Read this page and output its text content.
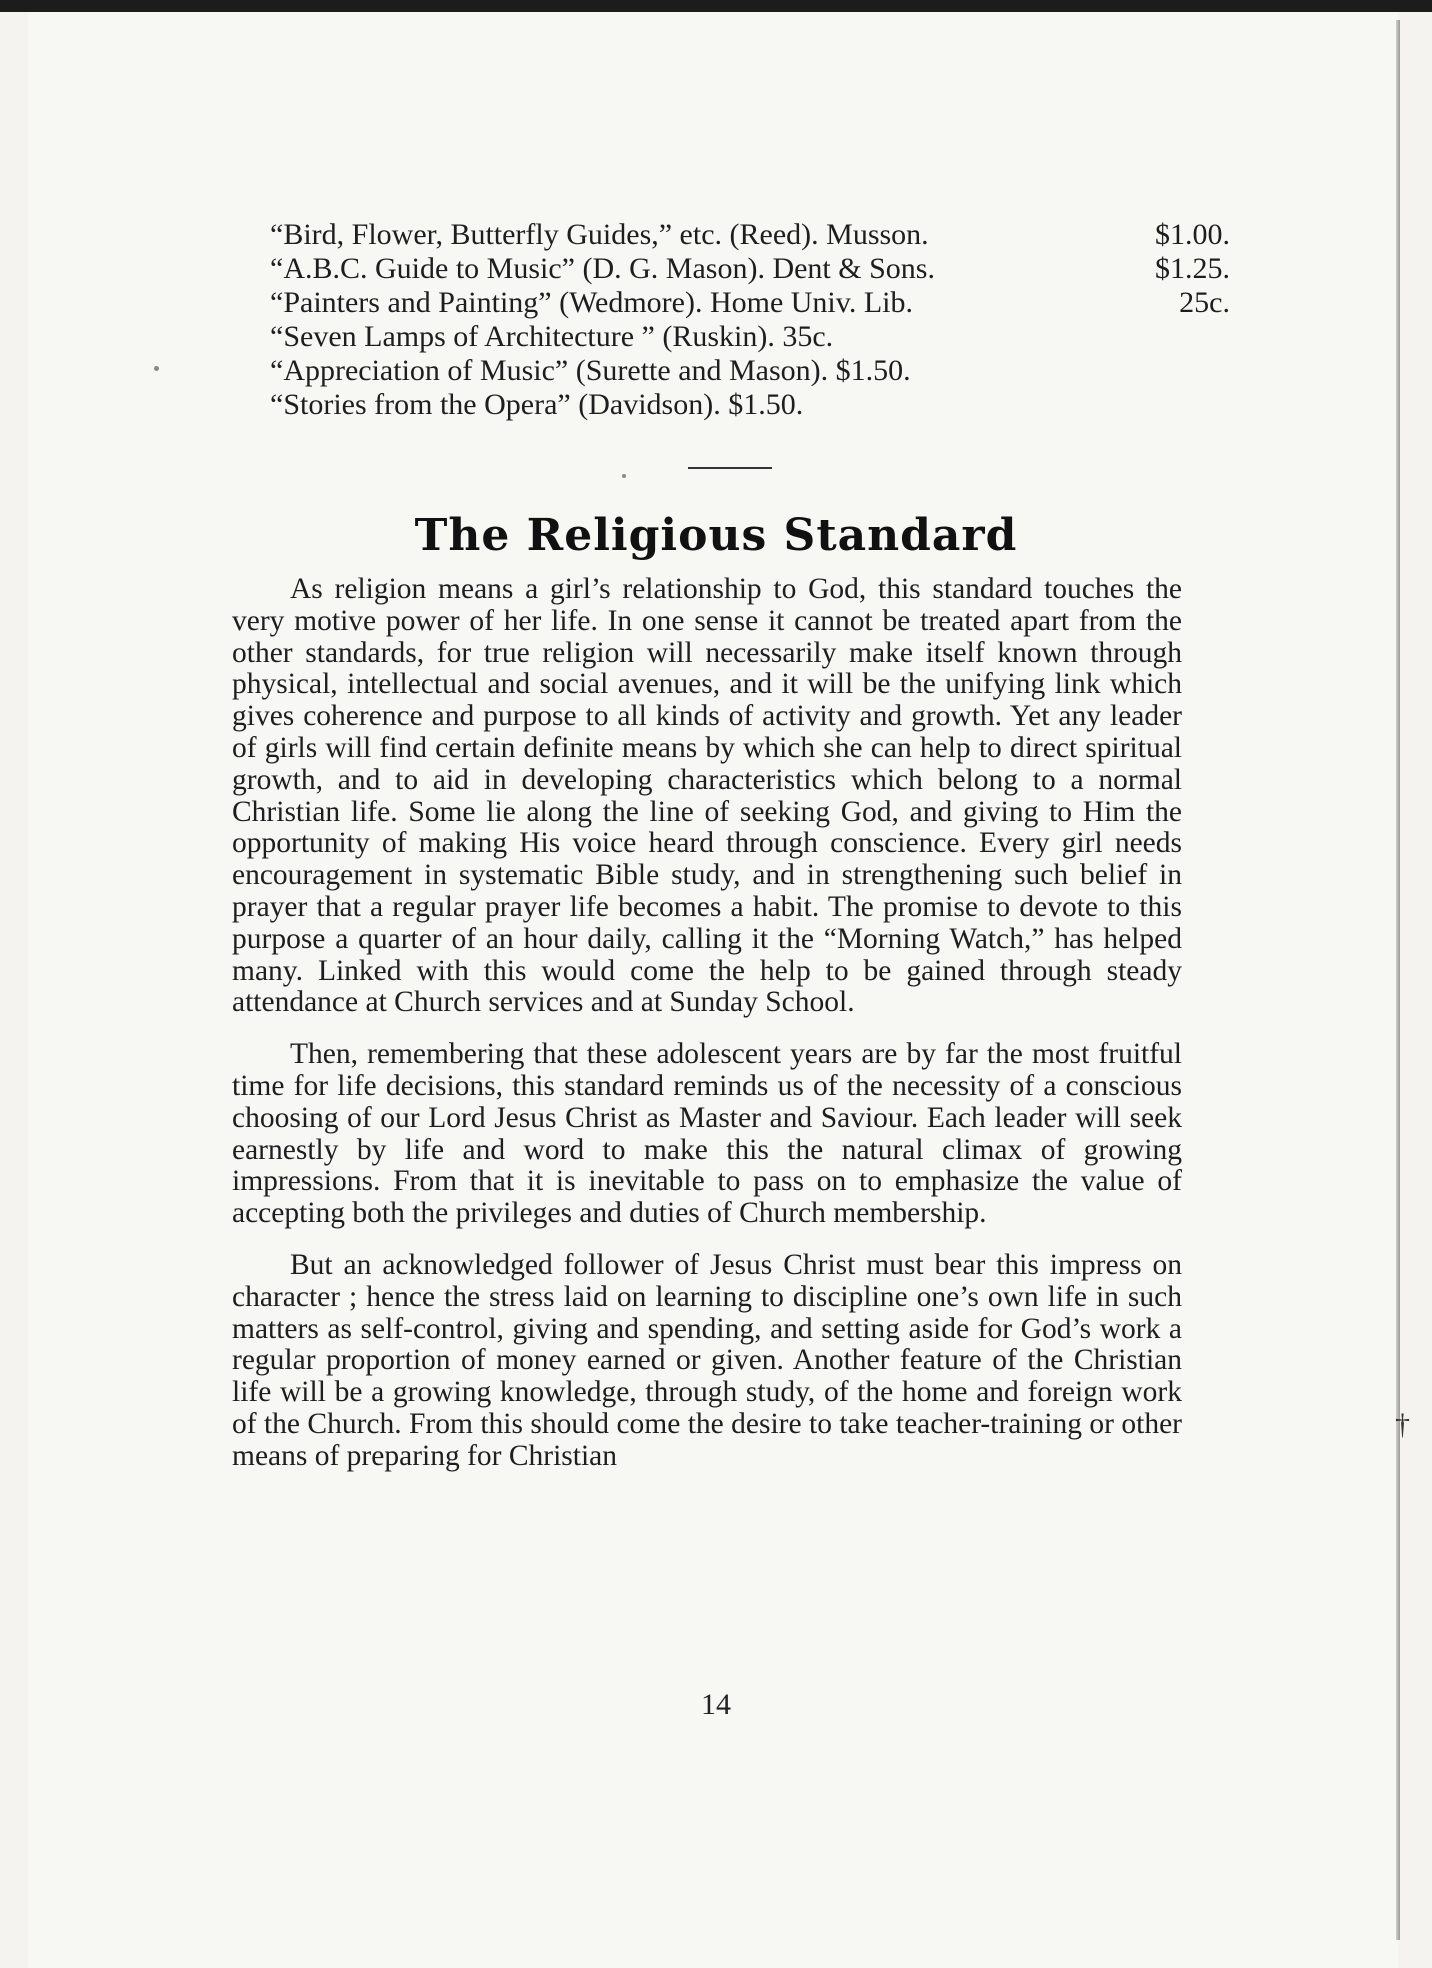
†
“Bird, Flower, Butterfly Guides,” etc. (Reed). Musson.	$1.00.
“A.B.C. Guide to Music” (D. G. Mason). Dent & Sons.	$1.25.
“Painters and Painting” (Wedmore). Home Univ. Lib.	25c.
“Seven Lamps of Architecture ” (Ruskin). 35c.
“Appreciation of Music” (Surette and Mason). $1.50.
“Stories from the Opera” (Davidson). $1.50.
The Religious Standard

As religion means a girl’s relationship to God, this standard touches the very motive power of her life. In one sense it cannot be treated apart from the other standards, for true religion will necessarily make itself known through physical, intellectual and social avenues, and it will be the unifying link which gives coherence and purpose to all kinds of activity and growth. Yet any leader of girls will find certain definite means by which she can help to direct spiritual growth, and to aid in developing characteristics which belong to a normal Christian life. Some lie along the line of seeking God, and giving to Him the opportunity of making His voice heard through conscience. Every girl needs encouragement in systematic Bible study, and in strengthening such belief in prayer that a regular prayer life becomes a habit. The promise to devote to this purpose a quarter of an hour daily, calling it the “Morning Watch,” has helped many. Linked with this would come the help to be gained through steady attendance at Church services and at Sunday School.

Then, remembering that these adolescent years are by far the most fruitful time for life decisions, this standard reminds us of the necessity of a conscious choosing of our Lord Jesus Christ as Master and Saviour. Each leader will seek earnestly by life and word to make this the natural climax of growing impressions. From that it is inevitable to pass on to emphasize the value of accepting both the privileges and duties of Church membership.

But an acknowledged follower of Jesus Christ must bear this impress on character ; hence the stress laid on learning to discipline one’s own life in such matters as self-control, giving and spending, and setting aside for God’s work a regular proportion of money earned or given. Another feature of the Christian life will be a growing knowledge, through study, of the home and foreign work of the Church. From this should come the desire to take teacher-training or other means of preparing for Christian

14
